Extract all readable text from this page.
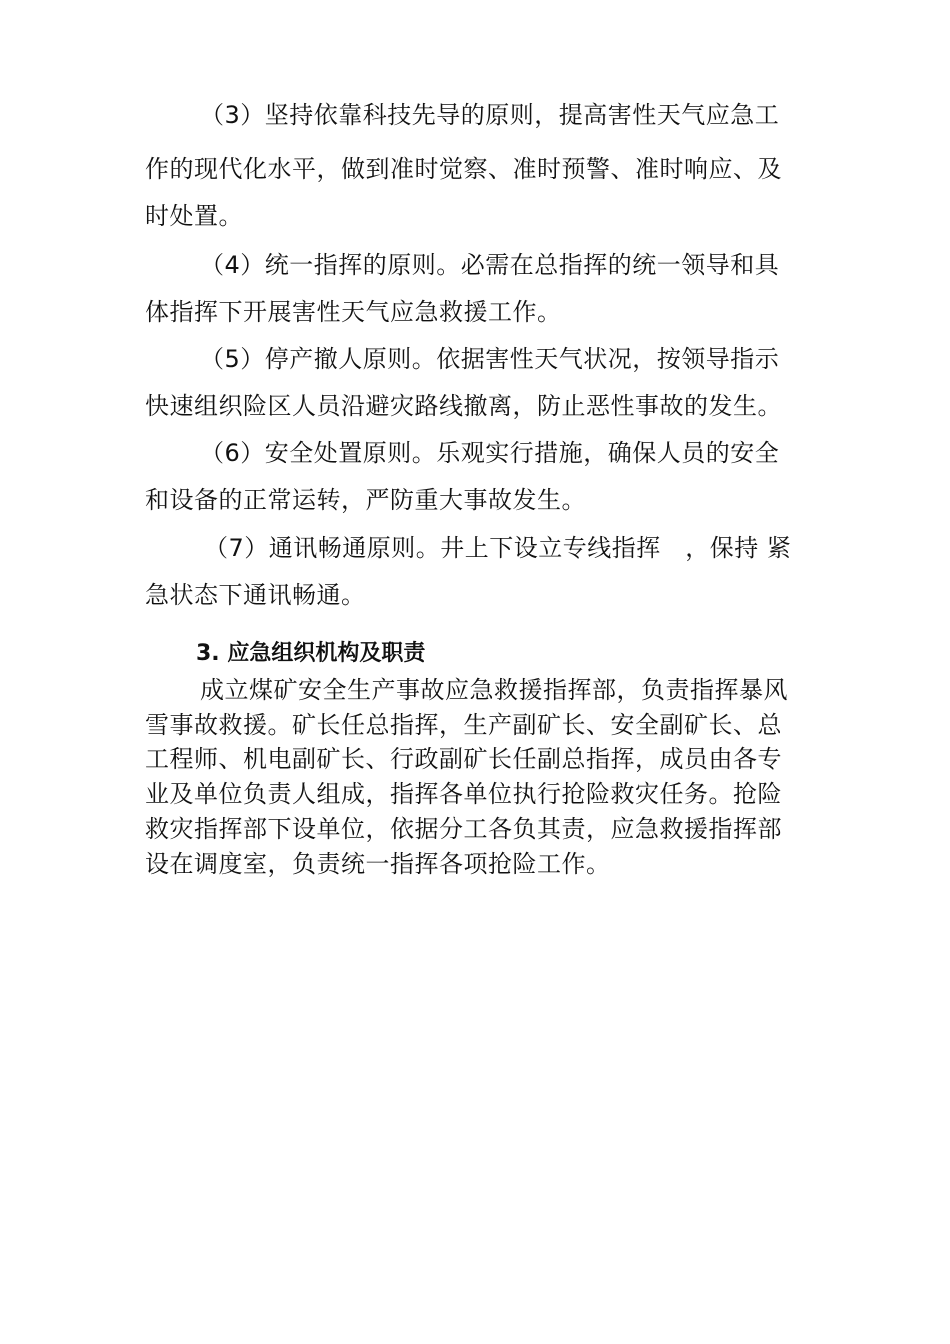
（3）坚持依靠科技先导的原则，提高害性天气应急工
作的现代化水平，做到准时觉察、准时预警、准时响应、及
时处置。
（4）统一指挥的原则。必需在总指挥的统一领导和具
体指挥下开展害性天气应急救援工作。
（5）停产撤人原则。依据害性天气状况，按领导指示
快速组织险区人员沿避灾路线撤离，防止恶性事故的发生。
（6）安全处置原则。乐观实行措施，确保人员的安全
和设备的正常运转，严防重大事故发生。
（7）通讯畅通原则。井上下设立专线指挥　，保持 紧
急状态下通讯畅通。
3. 应急组织机构及职责
成立煤矿安全生产事故应急救援指挥部，负责指挥暴风
雪事故救援。矿长任总指挥，生产副矿长、安全副矿长、总
工程师、机电副矿长、行政副矿长任副总指挥，成员由各专
业及单位负责人组成，指挥各单位执行抢险救灾任务。抢险
救灾指挥部下设单位，依据分工各负其责，应急救援指挥部
设在调度室，负责统一指挥各项抢险工作。
